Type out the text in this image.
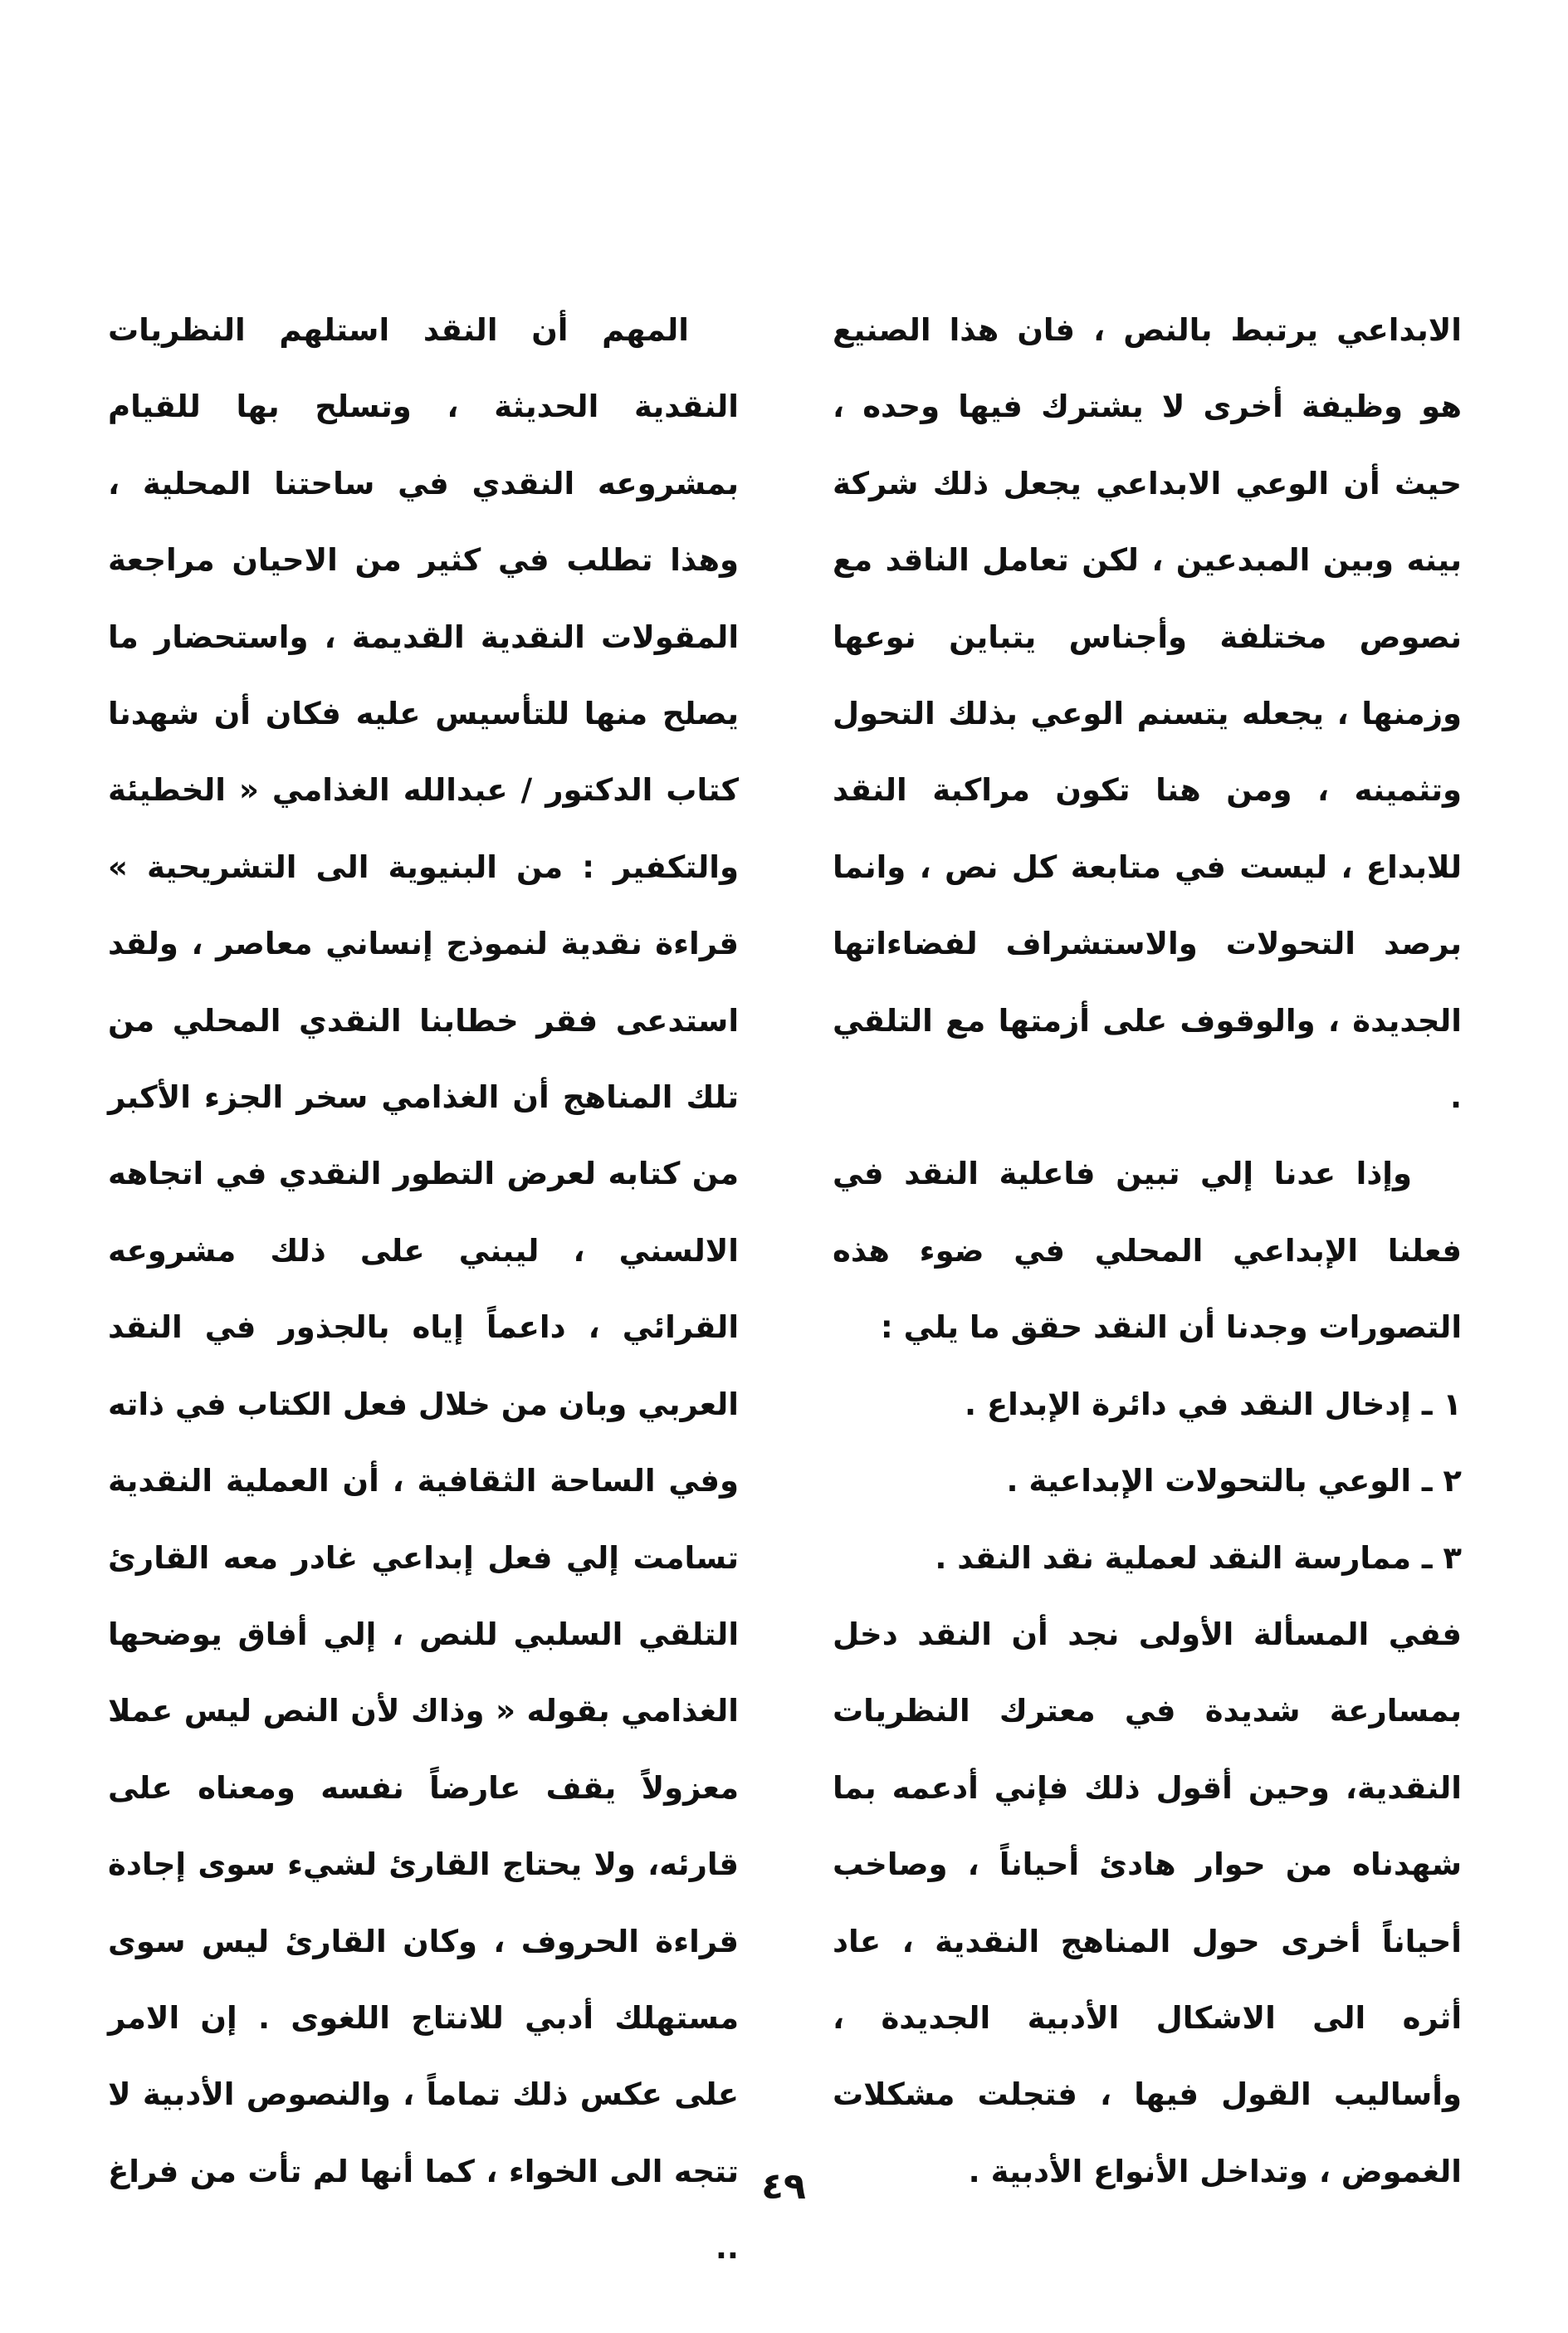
الابداعي يرتبط بالنص ، فان هذا الصنيع هو وظيفة أخرى لا يشترك فيها وحده ، حيث أن الوعي الابداعي يجعل ذلك شركة بينه وبين المبدعين ، لكن تعامل الناقد مع نصوص مختلفة وأجناس يتباين نوعها وزمنها ، يجعله يتسنم الوعي بذلك التحول وتثمينه ، ومن هنا تكون مراكبة النقد للابداع ، ليست في متابعة كل نص ، وانما برصد التحولات والاستشراف لفضاءاتها الجديدة ، والوقوف على أزمتها مع التلقي .

وإذا عدنا إلي تبين فاعلية النقد في فعلنا الإبداعي المحلي في ضوء هذه التصورات وجدنا أن النقد حقق ما يلي :

١ ـ إدخال النقد في دائرة الإبداع .

٢ ـ الوعي بالتحولات الإبداعية .

٣ ـ ممارسة النقد لعملية نقد النقد .

ففي المسألة الأولى نجد أن النقد دخل بمسارعة شديدة في معترك النظريات النقدية، وحين أقول ذلك فإني أدعمه بما شهدناه من حوار هادئ أحياناً ، وصاخب أحياناً أخرى حول المناهج النقدية ، عاد أثره الى الاشكال الأدبية الجديدة ، وأساليب القول فيها ، فتجلت مشكلات الغموض ، وتداخل الأنواع الأدبية .

المهم أن النقد استلهم النظريات النقدية الحديثة ، وتسلح بها للقيام بمشروعه النقدي في ساحتنا المحلية ، وهذا تطلب في كثير من الاحيان مراجعة المقولات النقدية القديمة ، واستحضار ما يصلح منها للتأسيس عليه فكان أن شهدنا كتاب الدكتور / عبدالله الغذامي « الخطيئة والتكفير : من البنيوية الى التشريحية » قراءة نقدية لنموذج إنساني معاصر ، ولقد استدعى فقر خطابنا النقدي المحلي من تلك المناهج أن الغذامي سخر الجزء الأكبر من كتابه لعرض التطور النقدي في اتجاهه الالسني ، ليبني على ذلك مشروعه القرائي ، داعماً إياه بالجذور في النقد العربي وبان من خلال فعل الكتاب في ذاته وفي الساحة الثقافية ، أن العملية النقدية تسامت إلي فعل إبداعي غادر معه القارئ التلقي السلبي للنص ، إلي أفاق يوضحها الغذامي بقوله « وذاك لأن النص ليس عملا معزولاً يقف عارضاً نفسه ومعناه على قارئه، ولا يحتاج القارئ لشيء سوى إجادة قراءة الحروف ، وكان القارئ ليس سوى مستهلك أدبي للانتاج اللغوى . إن الامر على عكس ذلك تماماً ، والنصوص الأدبية لا تتجه الى الخواء ، كما أنها لم تأت من فراغ ..

٤٩
